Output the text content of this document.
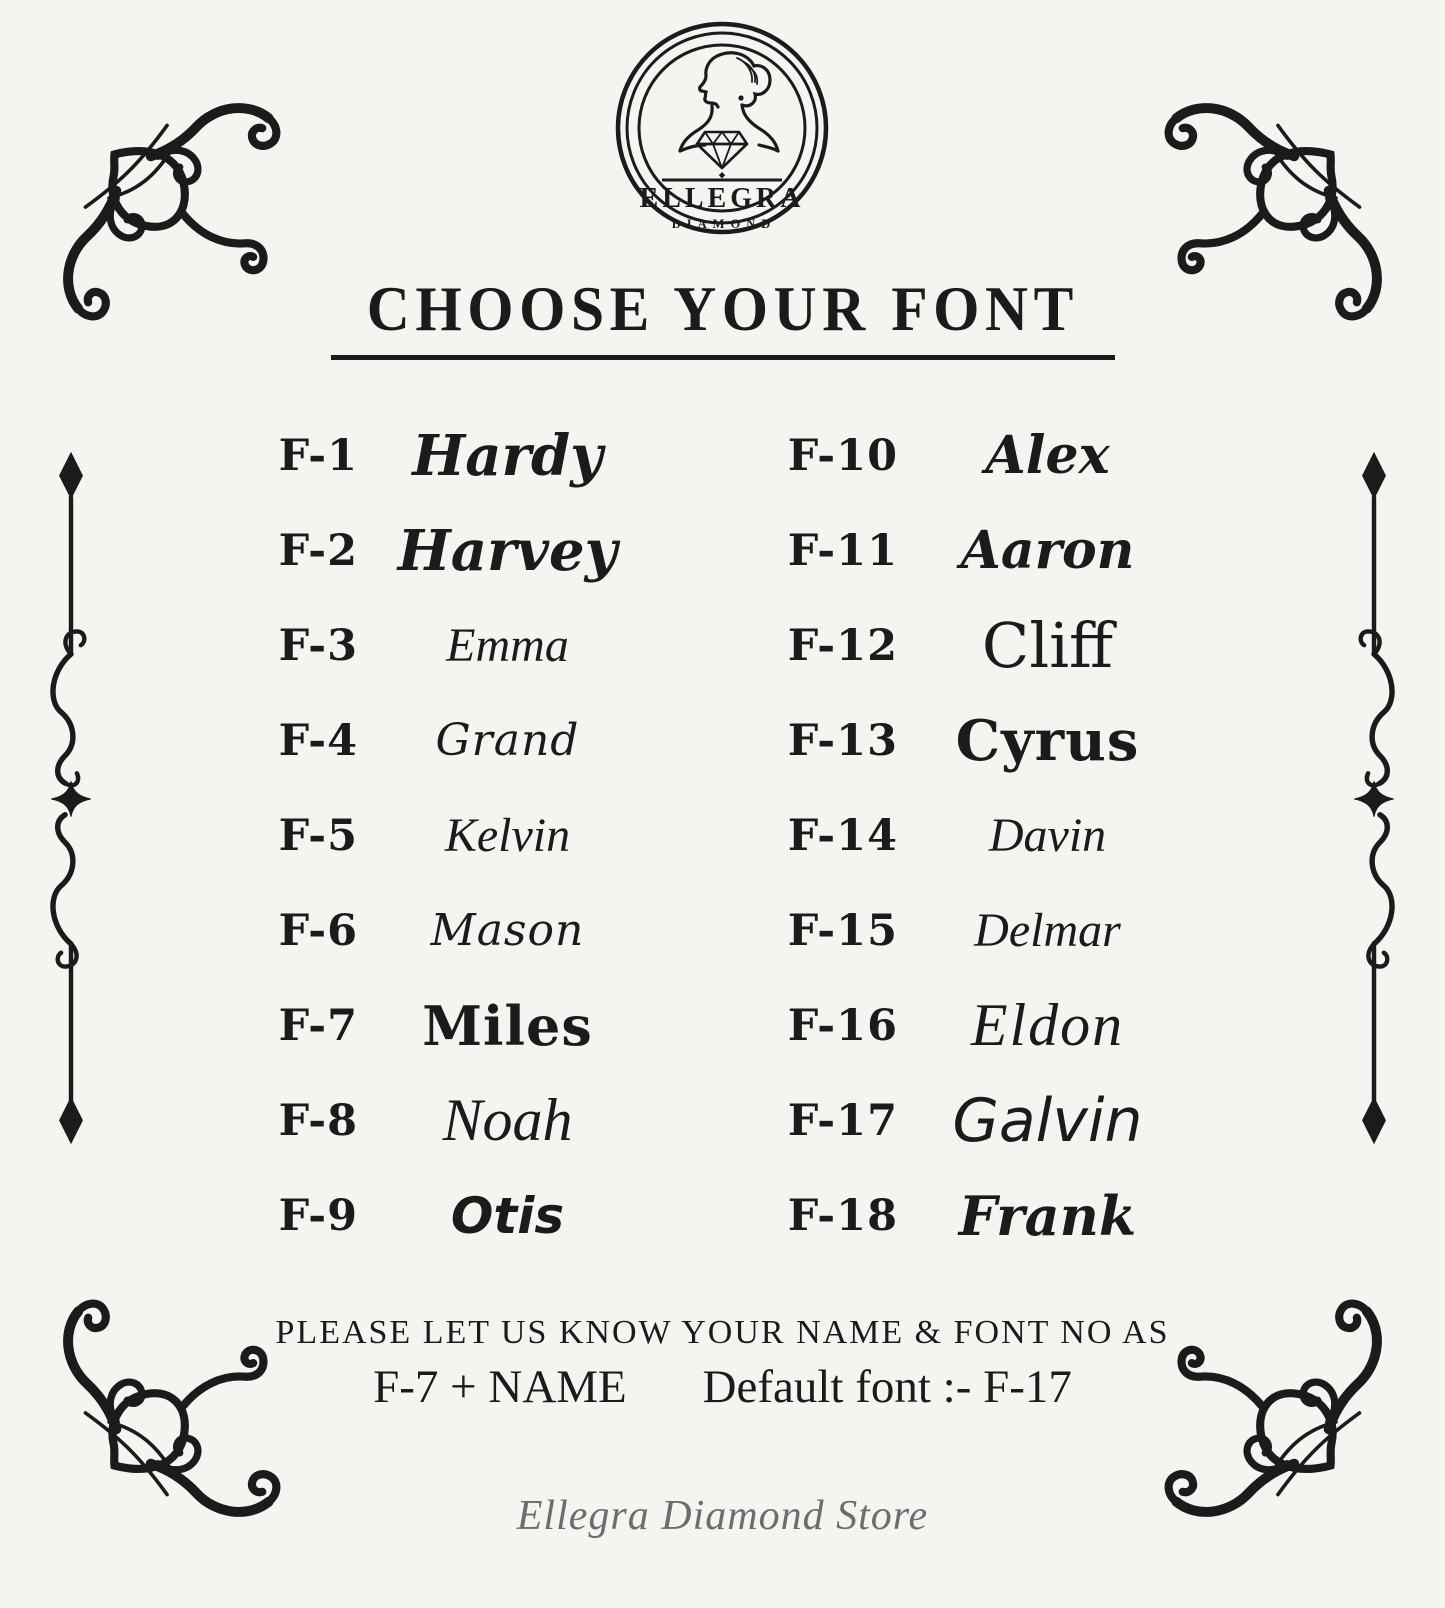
ELLEGRA
DIAMOND
CHOOSE YOUR FONT
F-1 Hardy
F-2 Harvey
F-3	Emma
F-4	Grand
F-5	Kelvin
F-6	Mason
F-7	Miles
F-8	Noah
F-9	Otis
F-10	Alex
F-11	Aaron
F-12	Cliff
F-13	Cyrus
F-14	Davin
F-15	Delmar
F-16	Eldon
F-17 Galvin
F-18	Frank
PLEASE LET US KNOW YOUR NAME & FONT NO AS
F-7 + NAME Default font :- F-17
Ellegra Diamond Store
